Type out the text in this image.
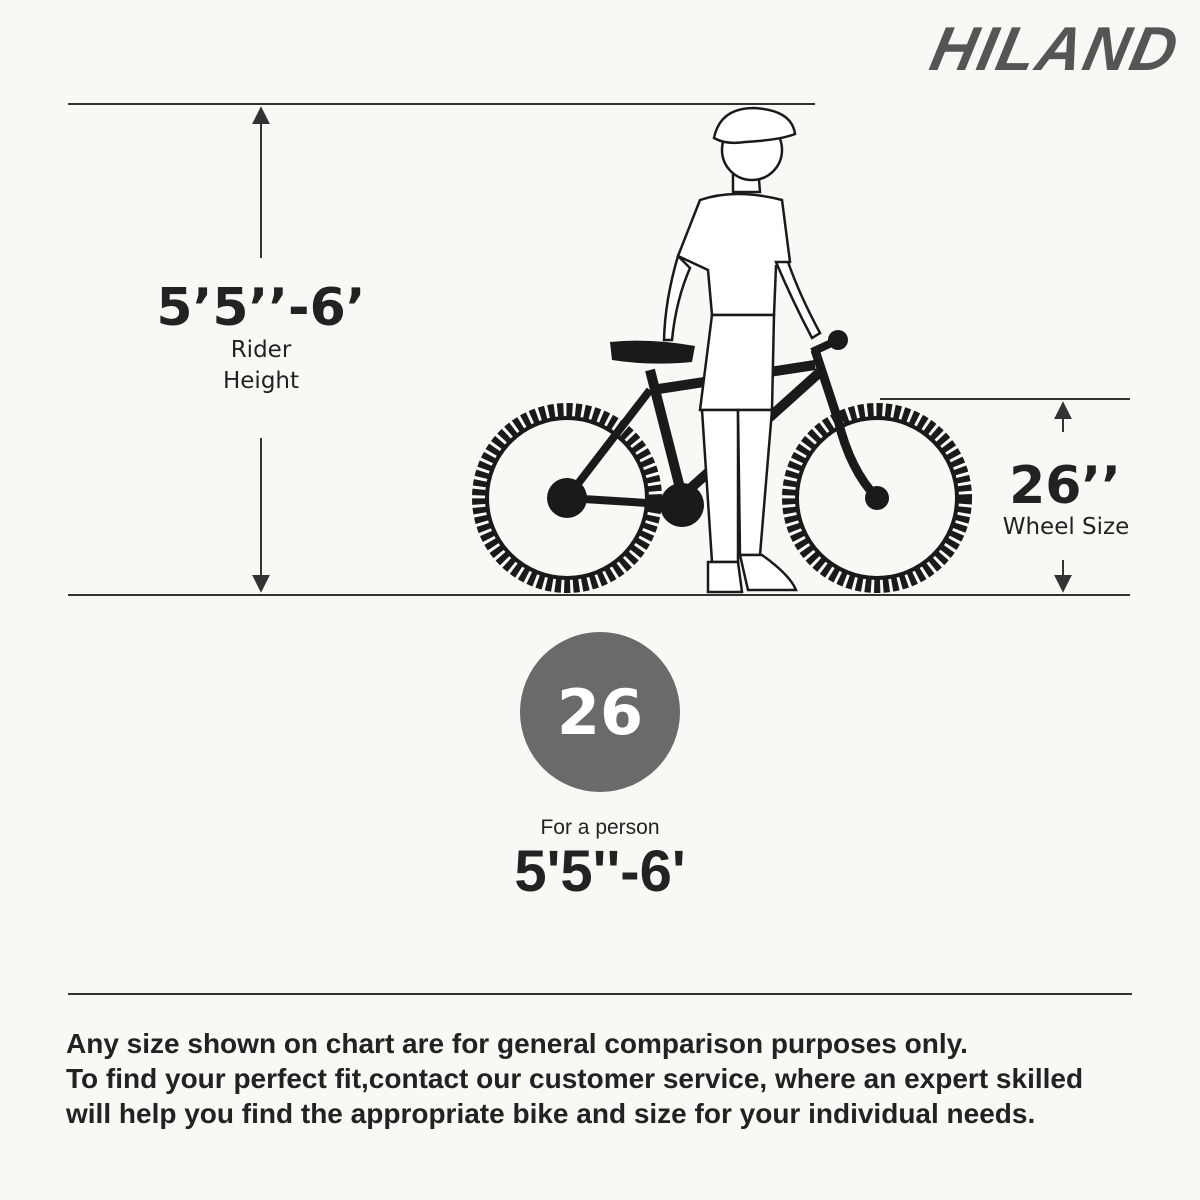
HILAND
5’5’’-6’
Rider
Height
26’’
Wheel Size
26
For a person
5'5''-6'

Any size shown on chart are for general comparison purposes only.

To find your perfect fit,contact our customer service, where an expert skilled

will help you find the appropriate bike and size for your individual needs.
